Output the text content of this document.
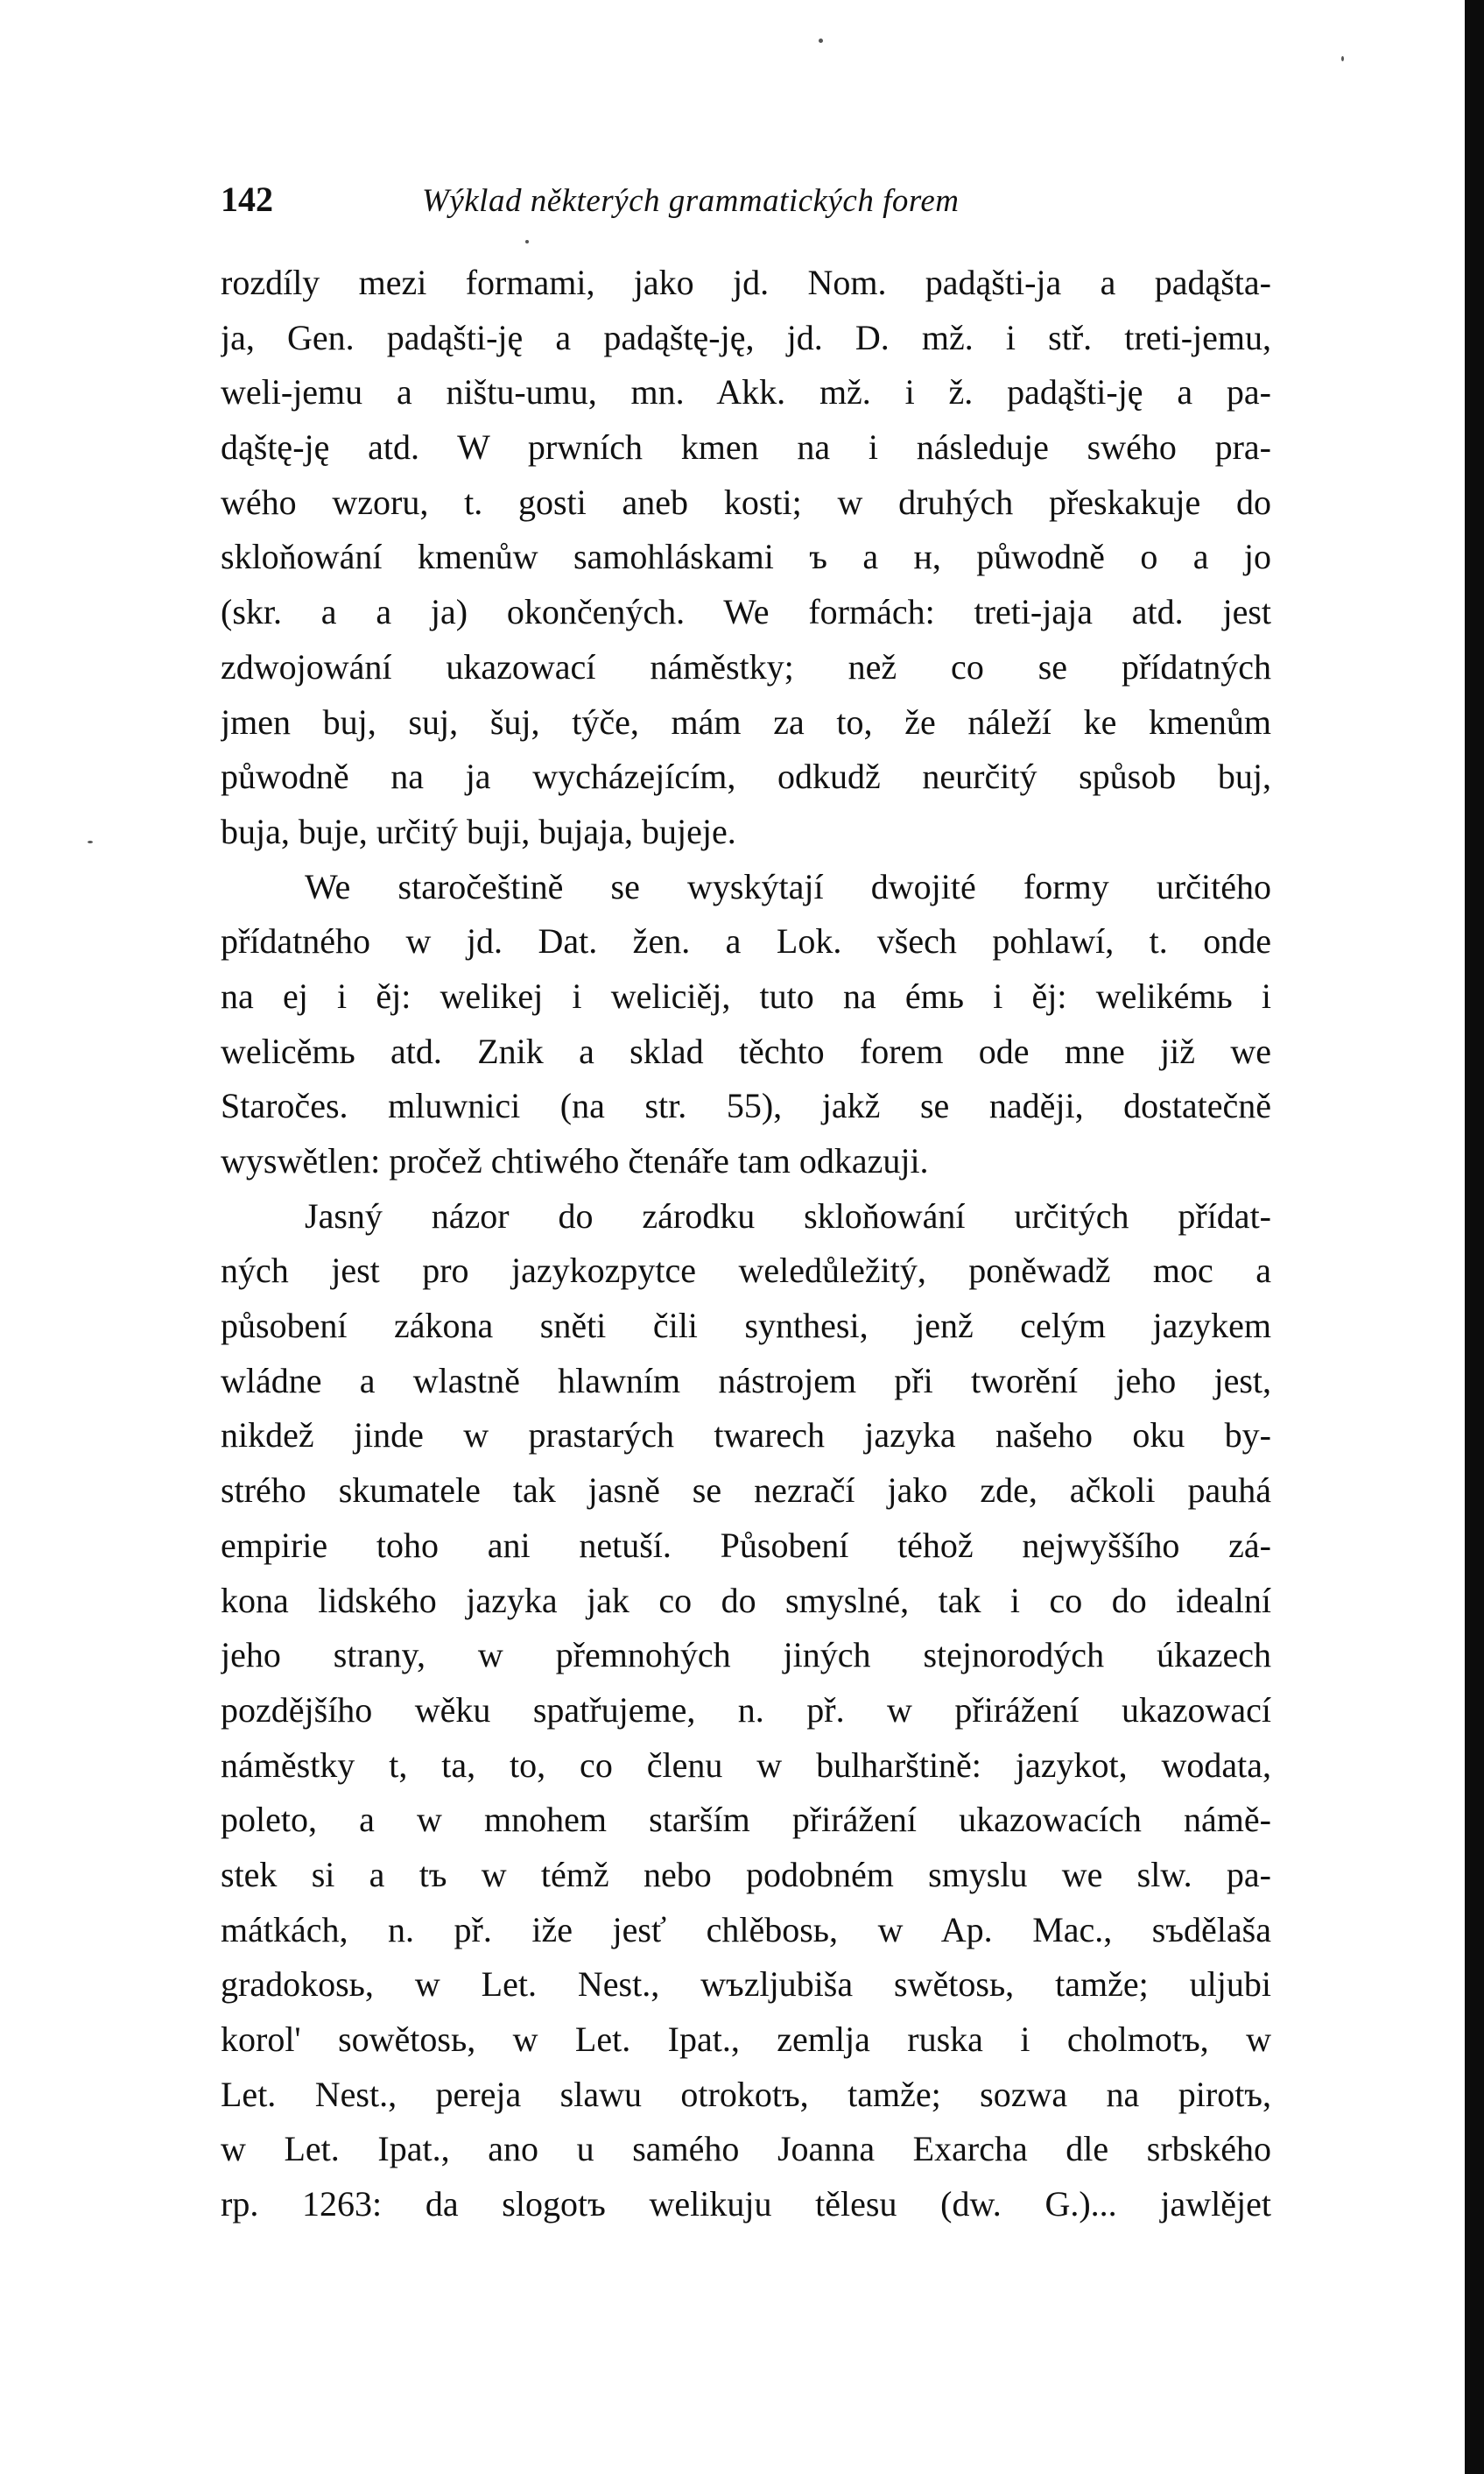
142	Wýklad některých grammatických forem
rozdíly mezi formami, jako jd. Nom. padąšti-ja a padąšta-
ja, Gen. padąšti-ję a padąštę-ję, jd. D. mž. i stř. treti-jemu,
weli-jemu a ništu-umu, mn. Akk. mž. i ž. padąšti-ję a pa-
dąštę-ję atd. W prwních kmen na i následuje swého pra-
wého wzoru, t. gosti aneb kosti; w druhých přeskakuje do
skloňowání kmenůw samohláskami ъ a н, půwodně o a jo
(skr. a a ja) okončených. We formách: treti-jaja atd. jest
zdwojowání ukazowací náměstky; než co se přídatných
jmen buj, suj, šuj, týče, mám za to, že náleží ke kmenům
půwodně na ja wycházejícím, odkudž neurčitý spůsob buj,
buja, buje, určitý buji, bujaja, bujeje.
We staročeštině se wyskýtají dwojité formy určitého
přídatného w jd. Dat. žen. a Lok. všech pohlawí, t. onde
na ej i ěj: welikej i weliciěj, tuto na émь i ěj: welikémь i
welicěmь atd. Znik a sklad těchto forem ode mne již we
Staročes. mluwnici (na str. 55), jakž se naději, dostatečně
wyswětlen: pročež chtiwého čtenáře tam odkazuji.
Jasný názor do zárodku skloňowání určitých přídat-
ných jest pro jazykozpytce weledůležitý, poněwadž moc a
působení zákona sněti čili synthesi, jenž celým jazykem
wládne a wlastně hlawním nástrojem při tworění jeho jest,
nikdež jinde w prastarých twarech jazyka našeho oku by-
strého skumatele tak jasně se nezračí jako zde, ačkoli pauhá
empirie toho ani netuší. Působení téhož nejwyššího zá-
kona lidského jazyka jak co do smyslné, tak i co do idealní
jeho strany, w přemnohých jiných stejnorodých úkazech
pozdějšího wěku spatřujeme, n. př. w přirážení ukazowací
náměstky t, ta, to, co členu w bulharštině: jazykot, wodata,
poleto, a w mnohem starším přirážení ukazowacích námě-
stek si a tъ w témž nebo podobném smyslu we slw. pa-
mátkách, n. př. iže jesť chlěbosь, w Ap. Mac., sъdělaša
gradokosь, w Let. Nest., wъzljubiša swětosь, tamže; uljubi
korol' sowětosь, w Let. Ipat., zemlja ruska i cholmotъ, w
Let. Nest., pereja slawu otrokotъ, tamže; sozwa na pirotъ,
w Let. Ipat., ano u samého Joanna Exarcha dle srbského
rp. 1263: da slogotъ welikuju tělesu (dw. G.)... jawlějet
